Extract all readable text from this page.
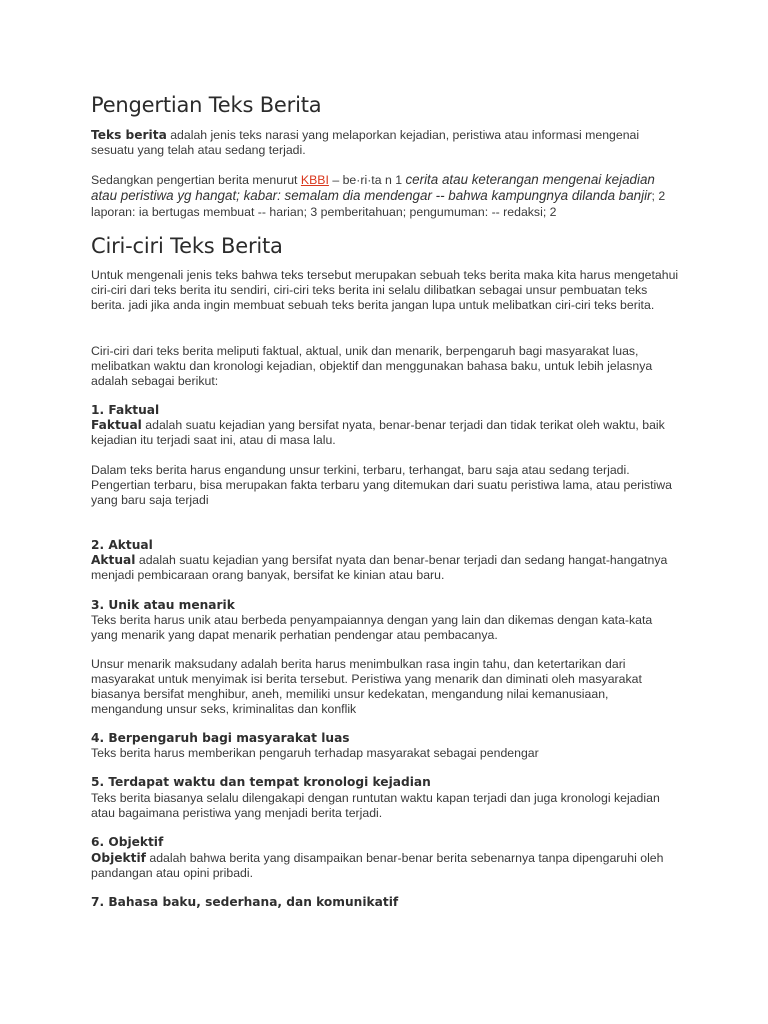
Pengertian Teks Berita

Teks berita adalah jenis teks narasi yang melaporkan kejadian, peristiwa atau informasi mengenai sesuatu yang telah atau sedang terjadi.

Sedangkan pengertian berita menurut KBBI – be·ri·ta n 1 cerita atau keterangan mengenai kejadian atau peristiwa yg hangat; kabar: semalam dia mendengar -- bahwa kampungnya dilanda banjir; 2 laporan: ia bertugas membuat -- harian; 3 pemberitahuan; pengumuman: -- redaksi; 2

Ciri-ciri Teks Berita

Untuk mengenali jenis teks bahwa teks tersebut merupakan sebuah teks berita maka kita harus mengetahui ciri-ciri dari teks berita itu sendiri, ciri-ciri teks berita ini selalu dilibatkan sebagai unsur pembuatan teks berita. jadi jika anda ingin membuat sebuah teks berita jangan lupa untuk melibatkan ciri-ciri teks berita.

Ciri-ciri dari teks berita meliputi faktual, aktual, unik dan menarik, berpengaruh bagi masyarakat luas, melibatkan waktu dan kronologi kejadian, objektif dan menggunakan bahasa baku, untuk lebih jelasnya adalah sebagai berikut:

1. Faktual

Faktual adalah suatu kejadian yang bersifat nyata, benar-benar terjadi dan tidak terikat oleh waktu, baik kejadian itu terjadi saat ini, atau di masa lalu.

Dalam teks berita harus engandung unsur terkini, terbaru, terhangat, baru saja atau sedang terjadi. Pengertian terbaru, bisa merupakan fakta terbaru yang ditemukan dari suatu peristiwa lama, atau peristiwa yang baru saja terjadi

2. Aktual

Aktual adalah suatu kejadian yang bersifat nyata dan benar-benar terjadi dan sedang hangat-hangatnya menjadi pembicaraan orang banyak, bersifat ke kinian atau baru.

3. Unik atau menarik

Teks berita harus unik atau berbeda penyampaiannya dengan yang lain dan dikemas dengan kata-kata yang menarik yang dapat menarik perhatian pendengar atau pembacanya.

Unsur menarik maksudany adalah berita harus menimbulkan rasa ingin tahu, dan ketertarikan dari masyarakat untuk menyimak isi berita tersebut. Peristiwa yang menarik dan diminati oleh masyarakat biasanya bersifat menghibur, aneh, memiliki unsur kedekatan, mengandung nilai kemanusiaan, mengandung unsur seks, kriminalitas dan konflik

4. Berpengaruh bagi masyarakat luas

Teks berita harus memberikan pengaruh terhadap masyarakat sebagai pendengar

5. Terdapat waktu dan tempat kronologi kejadian

Teks berita biasanya selalu dilengakapi dengan runtutan waktu kapan terjadi dan juga kronologi kejadian atau bagaimana peristiwa yang menjadi berita terjadi.

6. Objektif

Objektif adalah bahwa berita yang disampaikan benar-benar berita sebenarnya tanpa dipengaruhi oleh pandangan atau opini pribadi.

7. Bahasa baku, sederhana, dan komunikatif
